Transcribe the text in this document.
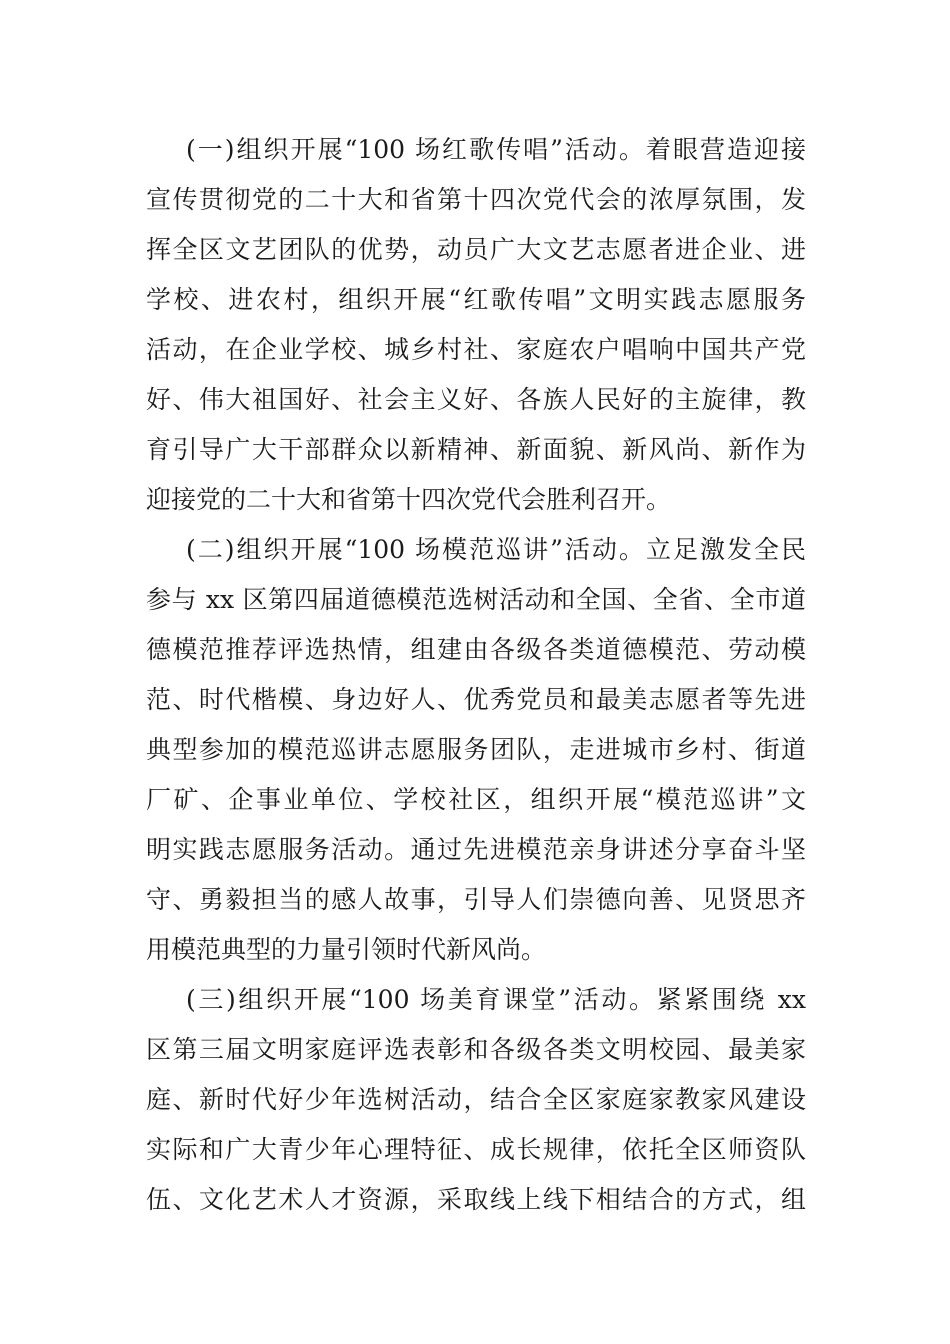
(一)组织开展“100 场红歌传唱”活动。着眼营造迎接

宣传贯彻党的二十大和省第十四次党代会的浓厚氛围，发

挥全区文艺团队的优势，动员广大文艺志愿者进企业、进

学校、进农村，组织开展“红歌传唱”文明实践志愿服务

活动，在企业学校、城乡村社、家庭农户唱响中国共产党

好、伟大祖国好、社会主义好、各族人民好的主旋律，教

育引导广大干部群众以新精神、新面貌、新风尚、新作为

迎接党的二十大和省第十四次党代会胜利召开。

(二)组织开展“100 场模范巡讲”活动。立足激发全民

参与 xx 区第四届道德模范选树活动和全国、全省、全市道

德模范推荐评选热情，组建由各级各类道德模范、劳动模

范、时代楷模、身边好人、优秀党员和最美志愿者等先进

典型参加的模范巡讲志愿服务团队，走进城市乡村、街道

厂矿、企事业单位、学校社区，组织开展“模范巡讲”文

明实践志愿服务活动。通过先进模范亲身讲述分享奋斗坚

守、勇毅担当的感人故事，引导人们崇德向善、见贤思齐

用模范典型的力量引领时代新风尚。

(三)组织开展“100 场美育课堂”活动。紧紧围绕 xx

区第三届文明家庭评选表彰和各级各类文明校园、最美家

庭、新时代好少年选树活动，结合全区家庭家教家风建设

实际和广大青少年心理特征、成长规律，依托全区师资队

伍、文化艺术人才资源，采取线上线下相结合的方式，组
